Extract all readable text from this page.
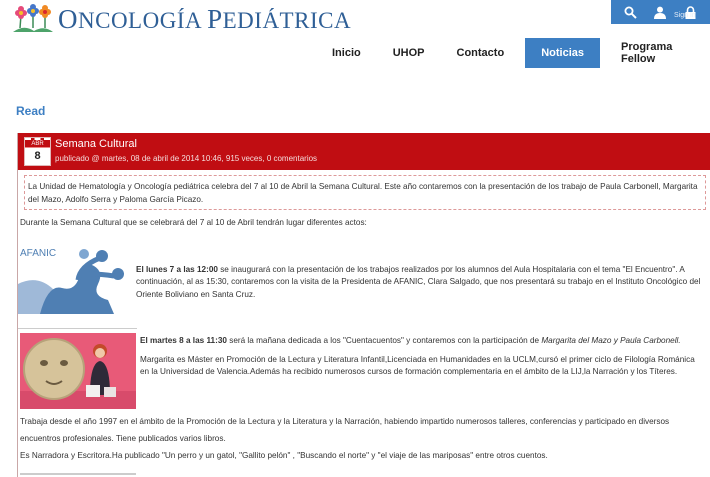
ONCOLOGÍA PEDIÁTRICA	Sign In
Inicio	UHOP	Contacto	Noticias	Programa Fellow
Read
ABR
8
Semana Cultural
publicado @ martes, 08 de abril de 2014 10:46, 915 veces, 0 comentarios
La Unidad de Hematología y Oncología pediátrica celebra del 7 al 10 de Abril la Semana Cultural. Este año contaremos con la presentación de los trabajo de Paula Carbonell, Margarita del Mazo, Adolfo Serra y Paloma García Picazo.

Durante la Semana Cultural que se celebrará del 7 al 10 de Abril tendrán lugar diferentes actos:

AFANIC

El lunes 7 a las 12:00 se inaugurará con la presentación de los trabajos realizados por los alumnos del Aula Hospitalaria con el tema "El Encuentro". A continuación, al as 15:30, contaremos con la visita de la Presidenta de AFANIC, Clara Salgado, que nos presentará su trabajo en el Instituto Oncológico del Oriente Boliviano en Santa Cruz.

El martes 8 a las 11:30 será la mañana dedicada a los "Cuentacuentos" y contaremos con la participación de Margarita del Mazo y Paula Carbonell.

Margarita es Máster en Promoción de la Lectura y Literatura Infantil,Licenciada en Humanidades en la UCLM,cursó el primer ciclo de Filología Románica en la Universidad de Valencia.Además ha recibido numerosos cursos de formación complementaria en el ámbito de la LIJ,la Narración y los Títeres.

Trabaja desde el año 1997 en el ámbito de la Promoción de la Lectura y la Literatura y la Narración, habiendo impartido numerosos talleres, conferencias y participado en diversos encuentros profesionales. Tiene publicados varios libros.

Es Narradora y Escritora.Ha publicado "Un perro y un gatol, "Gallito pelón" , "Buscando el norte" y "el viaje de las mariposas" entre otros cuentos.
